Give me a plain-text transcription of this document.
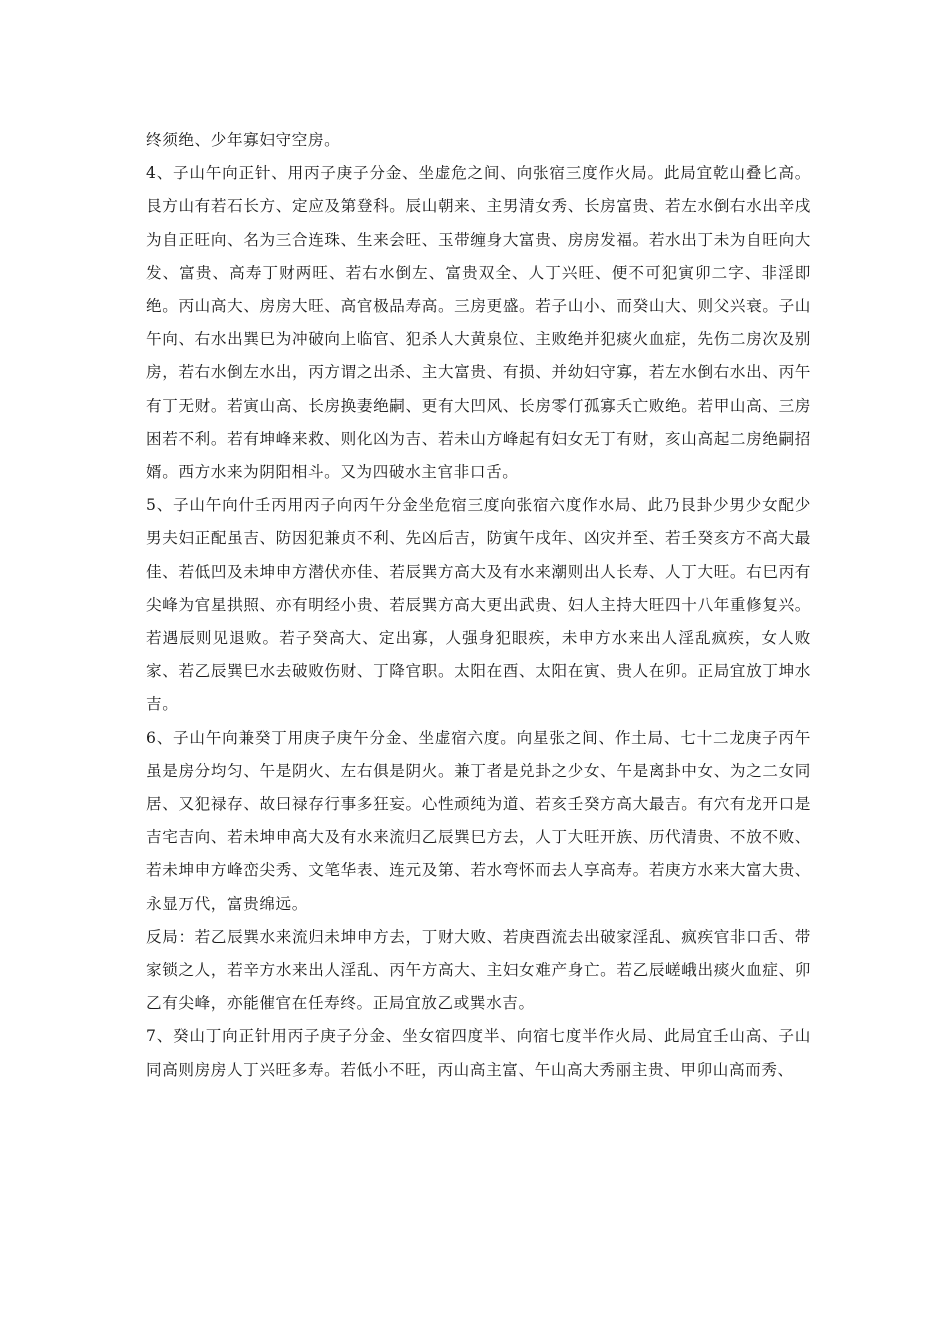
终须绝、少年寡妇守空房。

4、子山午向正针、用丙子庚子分金、坐虚危之间、向张宿三度作火局。此局宜乾山叠匕高。艮方山有若石长方、定应及第登科。辰山朝来、主男清女秀、长房富贵、若左水倒右水出辛戌为自正旺向、名为三合连珠、生来会旺、玉带缠身大富贵、房房发福。若水出丁未为自旺向大发、富贵、高寿丁财两旺、若右水倒左、富贵双全、人丁兴旺、便不可犯寅卯二字、非淫即绝。丙山高大、房房大旺、高官极品寿高。三房更盛。若子山小、而癸山大、则父兴衰。子山午向、右水出巽巳为冲破向上临官、犯杀人大黄泉位、主败绝并犯痰火血症，先伤二房次及别房，若右水倒左水出，丙方谓之出杀、主大富贵、有损、并幼妇守寡，若左水倒右水出、丙午有丁无财。若寅山高、长房换妻绝嗣、更有大凹风、长房零仃孤寡夭亡败绝。若甲山高、三房困若不利。若有坤峰来救、则化凶为吉、若未山方峰起有妇女无丁有财，亥山高起二房绝嗣招婿。西方水来为阴阳相斗。又为四破水主官非口舌。

5、子山午向什壬丙用丙子向丙午分金坐危宿三度向张宿六度作水局、此乃艮卦少男少女配少男夫妇正配虽吉、防因犯兼贞不利、先凶后吉，防寅午戌年、凶灾并至、若壬癸亥方不高大最佳、若低凹及未坤申方潜伏亦佳、若辰巽方高大及有水来潮则出人长寿、人丁大旺。右巳丙有尖峰为官星拱照、亦有明经小贵、若辰巽方高大更出武贵、妇人主持大旺四十八年重修复兴。若遇辰则见退败。若子癸高大、定出寡，人强身犯眼疾，未申方水来出人淫乱疯疾，女人败家、若乙辰巽巳水去破败伤财、丁降官职。太阳在酉、太阳在寅、贵人在卯。正局宜放丁坤水吉。

6、子山午向兼癸丁用庚子庚午分金、坐虚宿六度。向星张之间、作土局、七十二龙庚子丙午虽是房分均匀、午是阴火、左右俱是阴火。兼丁者是兑卦之少女、午是离卦中女、为之二女同居、又犯禄存、故曰禄存行事多狂妄。心性顽纯为道、若亥壬癸方高大最吉。有穴有龙开口是吉宅吉向、若未坤申高大及有水来流归乙辰巽巳方去，人丁大旺开族、历代清贵、不放不败、若未坤申方峰峦尖秀、文笔华表、连元及第、若水弯怀而去人享高寿。若庚方水来大富大贵、永显万代，富贵绵远。

反局：若乙辰巽水来流归未坤申方去，丁财大败、若庚酉流去出破家淫乱、疯疾官非口舌、带家锁之人，若辛方水来出人淫乱、丙午方高大、主妇女难产身亡。若乙辰嵯峨出痰火血症、卯乙有尖峰，亦能催官在任寿终。正局宜放乙或巽水吉。

7、癸山丁向正针用丙子庚子分金、坐女宿四度半、向宿七度半作火局、此局宜壬山高、子山同高则房房人丁兴旺多寿。若低小不旺，丙山高主富、午山高大秀丽主贵、甲卯山高而秀、
